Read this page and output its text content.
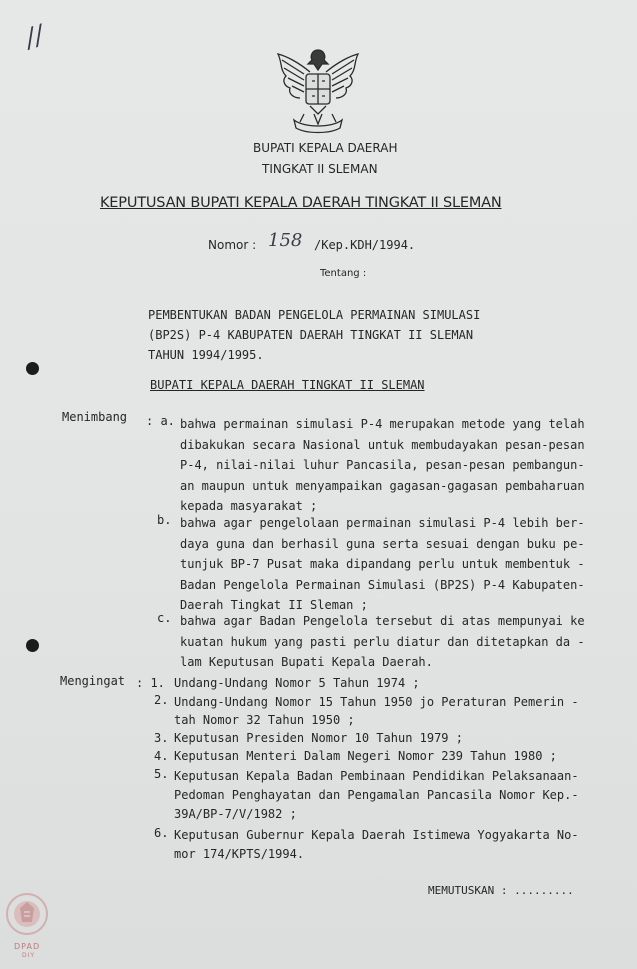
//
BUPATI KEPALA DAERAH
TINGKAT II SLEMAN
KEPUTUSAN BUPATI KEPALA DAERAH TINGKAT II SLEMAN
Nomor : 158 /Kep.KDH/1994.
Tentang :
PEMBENTUKAN BADAN PENGELOLA PERMAINAN SIMULASI
(BP2S) P-4 KABUPATEN DAERAH TINGKAT II SLEMAN
TAHUN 1994/1995.
BUPATI KEPALA DAERAH TINGKAT II SLEMAN
Menimbang : a. bahwa permainan simulasi P-4 merupakan metode yang telah
dibakukan secara Nasional untuk membudayakan pesan-pesan
P-4, nilai-nilai luhur Pancasila, pesan-pesan pembangun-
an maupun untuk menyampaikan gagasan-gagasan pembaharuan
kepada masyarakat ;
b. bahwa agar pengelolaan permainan simulasi P-4 lebih ber-
daya guna dan berhasil guna serta sesuai dengan buku pe-
tunjuk BP-7 Pusat maka dipandang perlu untuk membentuk -
Badan Pengelola Permainan Simulasi (BP2S) P-4 Kabupaten-
Daerah Tingkat II Sleman ;
c. bahwa agar Badan Pengelola tersebut di atas mempunyai ke
kuatan hukum yang pasti perlu diatur dan ditetapkan da -
lam Keputusan Bupati Kepala Daerah.
Mengingat : 1. Undang-Undang Nomor 5 Tahun 1974 ;
2. Undang-Undang Nomor 15 Tahun 1950 jo Peraturan Pemerin -
tah Nomor 32 Tahun 1950 ;
3. Keputusan Presiden Nomor 10 Tahun 1979 ;
4. Keputusan Menteri Dalam Negeri Nomor 239 Tahun 1980 ;
5. Keputusan Kepala Badan Pembinaan Pendidikan Pelaksanaan-
Pedoman Penghayatan dan Pengamalan Pancasila Nomor Kep.-
39A/BP-7/V/1982 ;
6. Keputusan Gubernur Kepala Daerah Istimewa Yogyakarta No-
mor 174/KPTS/1994.
MEMUTUSKAN : .........
DPAD
DIY
